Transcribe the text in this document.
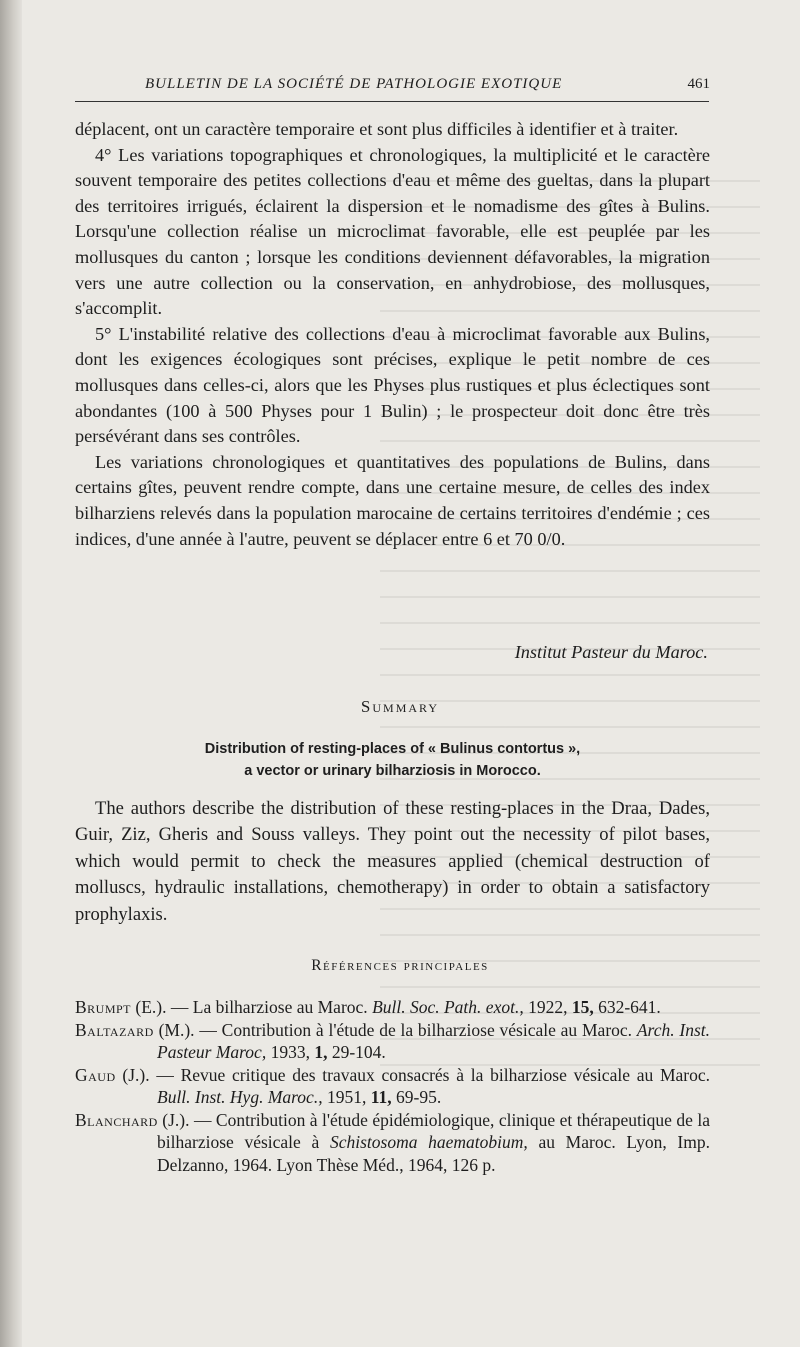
BULLETIN DE LA SOCIÉTÉ DE PATHOLOGIE EXOTIQUE	461

déplacent, ont un caractère temporaire et sont plus difficiles à identifier et à traiter.

4° Les variations topographiques et chronologiques, la multiplicité et le caractère souvent temporaire des petites collections d'eau et même des gueltas, dans la plupart des territoires irrigués, éclairent la dispersion et le nomadisme des gîtes à Bulins. Lorsqu'une collection réalise un microclimat favorable, elle est peuplée par les mollusques du canton ; lorsque les conditions deviennent défavorables, la migration vers une autre collection ou la conservation, en anhydrobiose, des mollusques, s'accomplit.

5° L'instabilité relative des collections d'eau à microclimat favorable aux Bulins, dont les exigences écologiques sont précises, explique le petit nombre de ces mollusques dans celles-ci, alors que les Physes plus rustiques et plus éclectiques sont abondantes (100 à 500 Physes pour 1 Bulin) ; le prospecteur doit donc être très persévérant dans ses contrôles.

Les variations chronologiques et quantitatives des populations de Bulins, dans certains gîtes, peuvent rendre compte, dans une certaine mesure, de celles des index bilharziens relevés dans la population marocaine de certains territoires d'endémie ; ces indices, d'une année à l'autre, peuvent se déplacer entre 6 et 70 0/0.

Institut Pasteur du Maroc.
Summary
Distribution of resting-places of « Bulinus contortus »,
a vector or urinary bilharziosis in Morocco.

The authors describe the distribution of these resting-places in the Draa, Dades, Guir, Ziz, Gheris and Souss valleys. They point out the necessity of pilot bases, which would permit to check the measures applied (chemical destruction of molluscs, hydraulic installations, chemotherapy) in order to obtain a satisfactory prophylaxis.

Références principales
Brumpt (E.). — La bilharziose au Maroc. Bull. Soc. Path. exot., 1922, 15, 632-641.
Baltazard (M.). — Contribution à l'étude de la bilharziose vésicale au Maroc. Arch. Inst. Pasteur Maroc, 1933, 1, 29-104.
Gaud (J.). — Revue critique des travaux consacrés à la bilharziose vésicale au Maroc. Bull. Inst. Hyg. Maroc., 1951, 11, 69-95.
Blanchard (J.). — Contribution à l'étude épidémiologique, clinique et thérapeutique de la bilharziose vésicale à Schistosoma haematobium, au Maroc. Lyon, Imp. Delzanno, 1964. Lyon Thèse Méd., 1964, 126 p.
